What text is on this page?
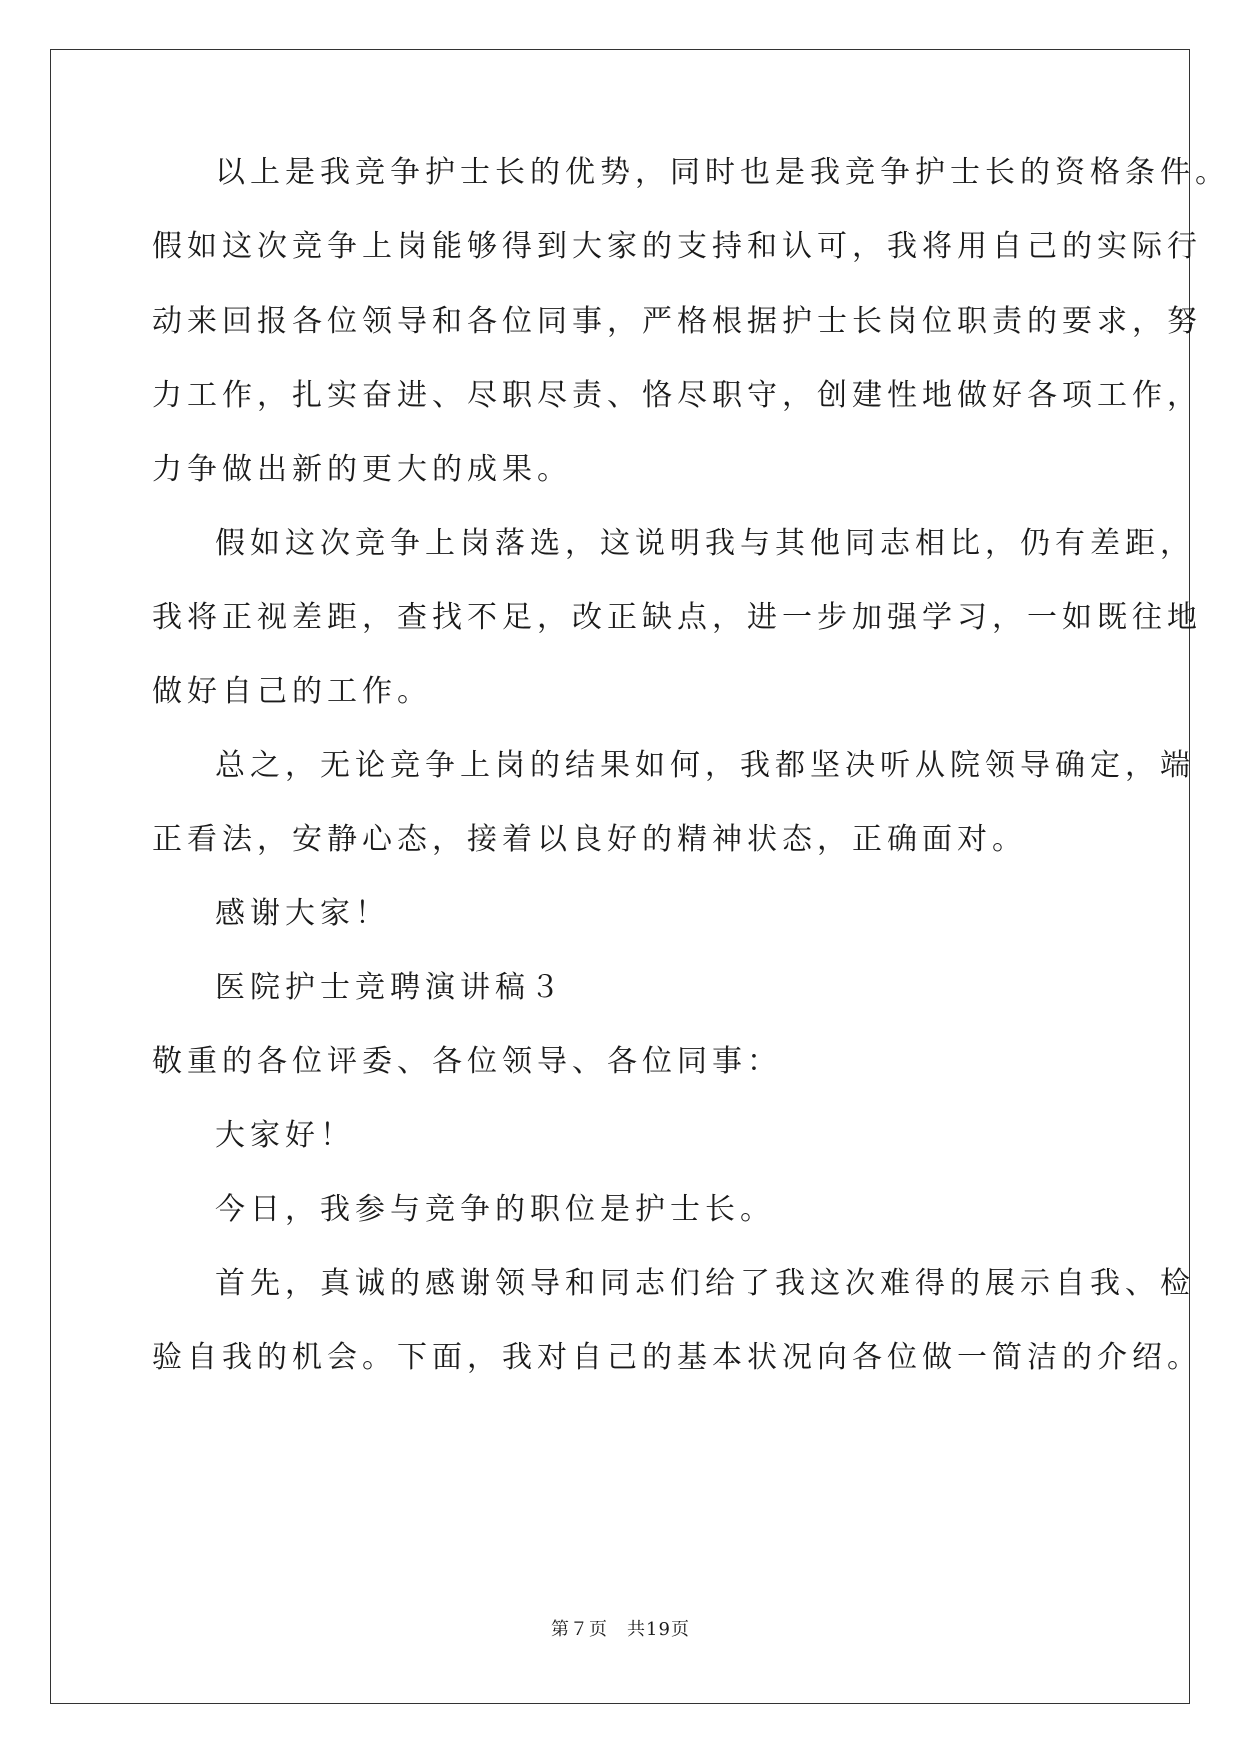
以上是我竞争护士长的优势，同时也是我竞争护士长的资格条件。
假如这次竞争上岗能够得到大家的支持和认可，我将用自己的实际行
动来回报各位领导和各位同事，严格根据护士长岗位职责的要求，努
力工作，扎实奋进、尽职尽责、恪尽职守，创建性地做好各项工作，
力争做出新的更大的成果。
假如这次竞争上岗落选，这说明我与其他同志相比，仍有差距，
我将正视差距，查找不足，改正缺点，进一步加强学习，一如既往地
做好自己的工作。
总之，无论竞争上岗的结果如何，我都坚决听从院领导确定，端
正看法，安静心态，接着以良好的精神状态，正确面对。
感谢大家！
医院护士竞聘演讲稿３
敬重的各位评委、各位领导、各位同事：
大家好！
今日，我参与竞争的职位是护士长。
首先，真诚的感谢领导和同志们给了我这次难得的展示自我、检
验自我的机会。下面，我对自己的基本状况向各位做一简洁的介绍。
第７页　共19页
